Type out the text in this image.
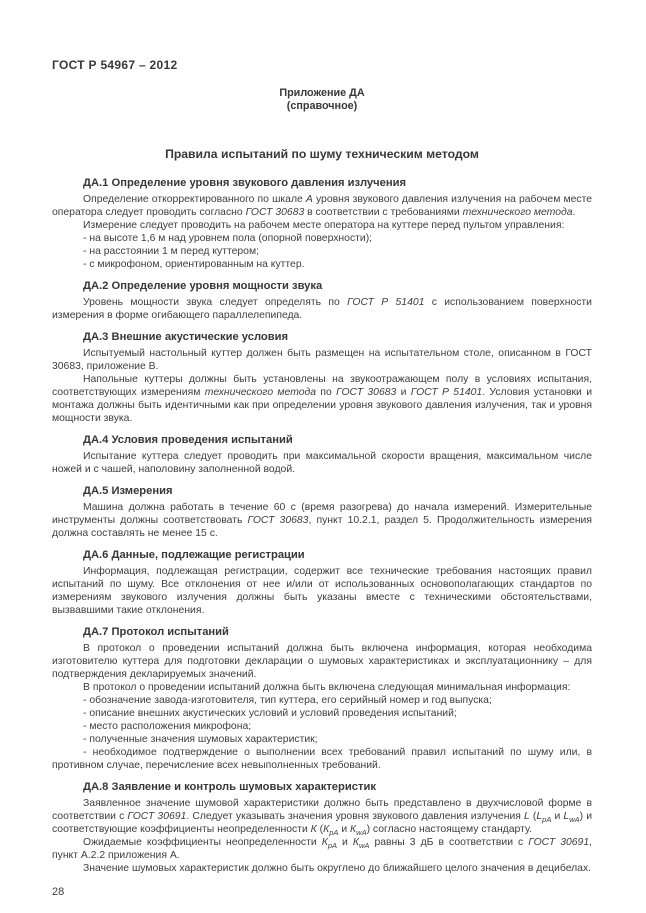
ГОСТ Р 54967 – 2012
Приложение ДА
(справочное)
Правила испытаний по шуму техническим методом
ДА.1 Определение уровня звукового давления излучения

Определение откорректированного по шкале А уровня звукового давления излучения на рабочем месте оператора следует проводить согласно ГОСТ 30683 в соответствии с требованиями технического метода.

Измерение следует проводить на рабочем месте оператора на куттере перед пультом управления:

- на высоте 1,6 м над уровнем пола (опорной поверхности);

- на расстоянии 1 м перед куттером;

- с микрофоном, ориентированным на куттер.

ДА.2 Определение уровня мощности звука

Уровень мощности звука следует определять по ГОСТ Р 51401 с использованием поверхности измерения в форме огибающего параллелепипеда.

ДА.3 Внешние акустические условия

Испытуемый настольный куттер должен быть размещен на испытательном столе, описанном в ГОСТ 30683, приложение В.

Напольные куттеры должны быть установлены на звукоотражающем полу в условиях испытания, соответствующих измерениям технического метода по ГОСТ 30683 и ГОСТ Р 51401. Условия установки и монтажа должны быть идентичными как при определении уровня звукового давления излучения, так и уровня мощности звука.

ДА.4 Условия проведения испытаний

Испытание куттера следует проводить при максимальной скорости вращения, максимальном числе ножей и с чашей, наполовину заполненной водой.

ДА.5 Измерения

Машина должна работать в течение 60 с (время разогрева) до начала измерений. Измерительные инструменты должны соответствовать ГОСТ 30683, пункт 10.2.1, раздел 5. Продолжительность измерения должна составлять не менее 15 с.

ДА.6 Данные, подлежащие регистрации

Информация, подлежащая регистрации, содержит все технические требования настоящих правил испытаний по шуму. Все отклонения от нее и/или от использованных основополагающих стандартов по измерениям звукового излучения должны быть указаны вместе с техническими обстоятельствами, вызвавшими такие отклонения.

ДА.7 Протокол испытаний

В протокол о проведении испытаний должна быть включена информация, которая необходима изготовителю куттера для подготовки декларации о шумовых характеристиках и эксплуатационнику – для подтверждения декларируемых значений.

В протокол о проведении испытаний должна быть включена следующая минимальная информация:

- обозначение завода-изготовителя, тип куттера, его серийный номер и год выпуска;

- описание внешних акустических условий и условий проведения испытаний;

- место расположения микрофона;

- полученные значения шумовых характеристик;

- необходимое подтверждение о выполнении всех требований правил испытаний по шуму или, в противном случае, перечисление всех невыполненных требований.

ДА.8 Заявление и контроль шумовых характеристик

Заявленное значение шумовой характеристики должно быть представлено в двухчисловой форме в соответствии с ГОСТ 30691. Следует указывать значения уровня звукового давления излучения L ($L_{pA}$ и $L_{wA}$) и соответствующие коэффициенты неопределенности К ($К_{pA}$ и $К_{wA}$) согласно настоящему стандарту.

Ожидаемые коэффициенты неопределенности $К_{pA}$ и $К_{wA}$ равны 3 дБ в соответствии с ГОСТ 30691, пункт А.2.2 приложения А.

Значение шумовых характеристик должно быть округлено до ближайшего целого значения в децибелах.

28
